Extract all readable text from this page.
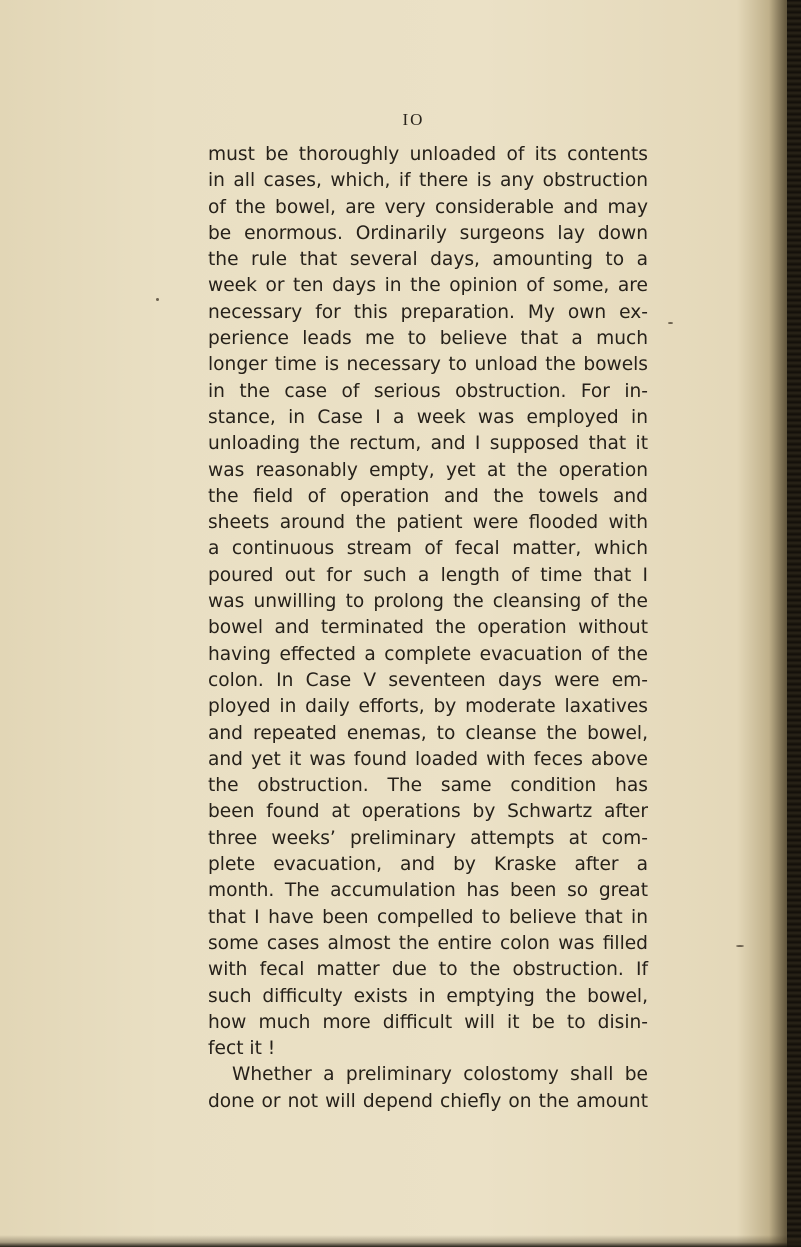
IO
must be thoroughly unloaded of its contents
in all cases, which, if there is any obstruction
of the bowel, are very considerable and may
be enormous. Ordinarily surgeons lay down
the rule that several days, amounting to a
week or ten days in the opinion of some, are
necessary for this preparation. My own ex-
perience leads me to believe that a much
longer time is necessary to unload the bowels
in the case of serious obstruction. For in-
stance, in Case I a week was employed in
unloading the rectum, and I supposed that it
was reasonably empty, yet at the operation
the field of operation and the towels and
sheets around the patient were flooded with
a continuous stream of fecal matter, which
poured out for such a length of time that I
was unwilling to prolong the cleansing of the
bowel and terminated the operation without
having effected a complete evacuation of the
colon. In Case V seventeen days were em-
ployed in daily efforts, by moderate laxatives
and repeated enemas, to cleanse the bowel,
and yet it was found loaded with feces above
the obstruction. The same condition has
been found at operations by Schwartz after
three weeks’ preliminary attempts at com-
plete evacuation, and by Kraske after a
month. The accumulation has been so great
that I have been compelled to believe that in
some cases almost the entire colon was filled
with fecal matter due to the obstruction. If
such difficulty exists in emptying the bowel,
how much more difficult will it be to disin-
fect it !
Whether a preliminary colostomy shall be
done or not will depend chiefly on the amount
